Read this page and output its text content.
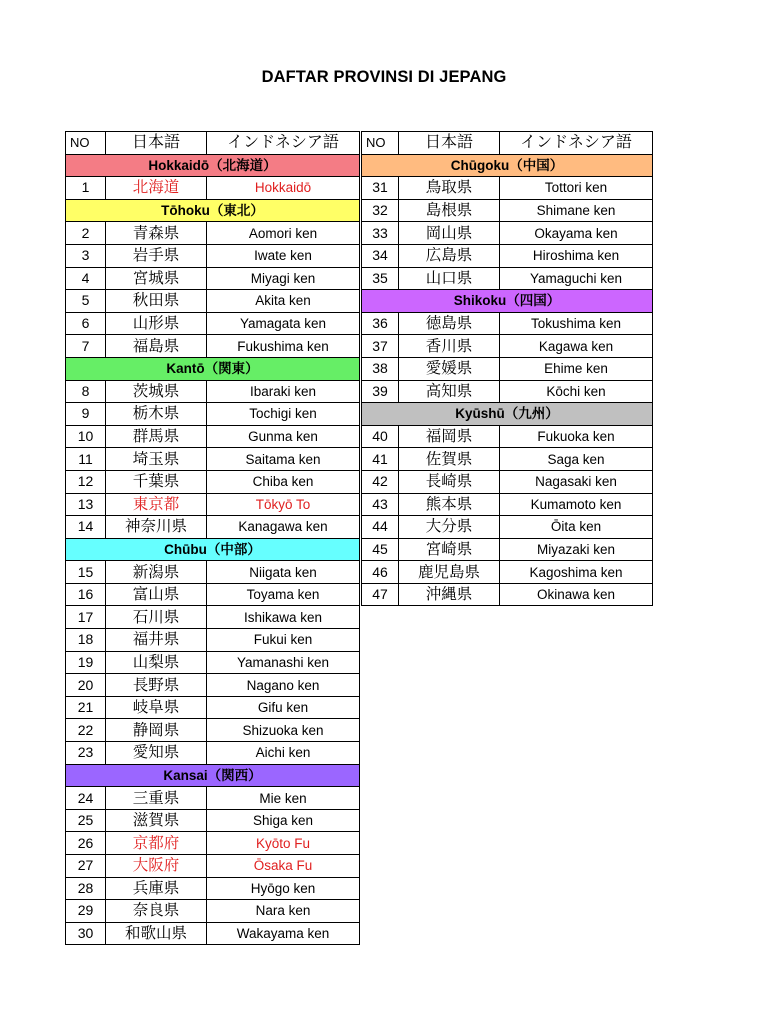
DAFTAR PROVINSI DI JEPANG
NO	日本語	インドネシア語
Hokkaidō（北海道）		
1	北海道	Hokkaidō
Tōhoku（東北）		
2	青森県	Aomori ken
3	岩手県	Iwate ken
4	宮城県	Miyagi ken
5	秋田県	Akita ken
6	山形県	Yamagata ken
7	福島県	Fukushima ken
Kantō（関東）		
8	茨城県	Ibaraki ken
9	栃木県	Tochigi ken
10	群馬県	Gunma ken
11	埼玉県	Saitama ken
12	千葉県	Chiba ken
13	東京都	Tōkyō To
14	神奈川県	Kanagawa ken
Chūbu（中部）		
15	新潟県	Niigata ken
16	富山県	Toyama ken
17	石川県	Ishikawa ken
18	福井県	Fukui ken
19	山梨県	Yamanashi ken
20	長野県	Nagano ken
21	岐阜県	Gifu ken
22	静岡県	Shizuoka ken
23	愛知県	Aichi ken
Kansai（関西）		
24	三重県	Mie ken
25	滋賀県	Shiga ken
26	京都府	Kyōto Fu
27	大阪府	Ōsaka Fu
28	兵庫県	Hyōgo ken
29	奈良県	Nara ken
30	和歌山県	Wakayama ken
NO	日本語	インドネシア語
Chūgoku（中国）		
31	鳥取県	Tottori ken
32	島根県	Shimane ken
33	岡山県	Okayama ken
34	広島県	Hiroshima ken
35	山口県	Yamaguchi ken
Shikoku（四国）		
36	徳島県	Tokushima ken
37	香川県	Kagawa ken
38	愛媛県	Ehime ken
39	高知県	Kōchi ken
Kyūshū（九州）		
40	福岡県	Fukuoka ken
41	佐賀県	Saga ken
42	長崎県	Nagasaki ken
43	熊本県	Kumamoto ken
44	大分県	Ōita ken
45	宮崎県	Miyazaki ken
46	鹿児島県	Kagoshima ken
47	沖縄県	Okinawa ken
